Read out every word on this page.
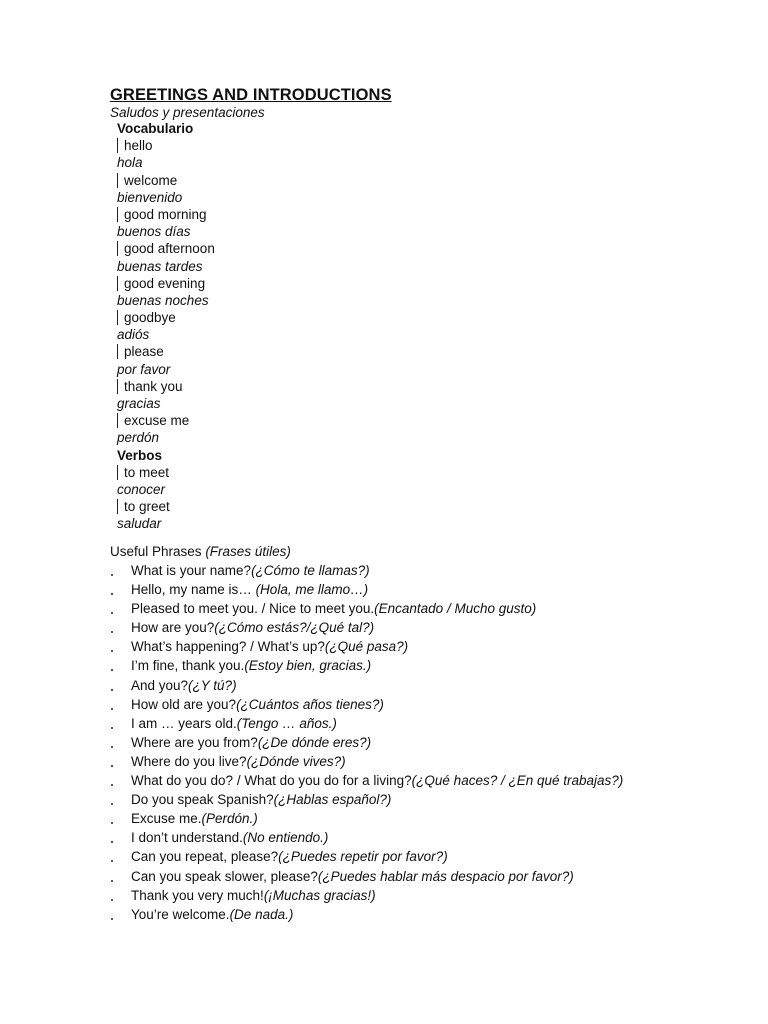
GREETINGS AND INTRODUCTIONS
Saludos y presentaciones
Vocabulario
hello
hola
welcome
bienvenido
good morning
buenos días
good afternoon
buenas tardes
good evening
buenas noches
goodbye
adiós
please
por favor
thank you
gracias
excuse me
perdón
Verbos
to meet
conocer
to greet
saludar
Useful Phrases (Frases útiles)
What is your name?(¿Cómo te llamas?)
Hello, my name is… (Hola, me llamo…)
Pleased to meet you. / Nice to meet you.(Encantado / Mucho gusto)
How are you?(¿Cómo estás?/¿Qué tal?)
What’s happening? / What’s up?(¿Qué pasa?)
I’m fine, thank you.(Estoy bien, gracias.)
And you?(¿Y tú?)
How old are you?(¿Cuántos años tienes?)
I am … years old.(Tengo … años.)
Where are you from?(¿De dónde eres?)
Where do you live?(¿Dónde vives?)
What do you do? / What do you do for a living?(¿Qué haces? / ¿En qué trabajas?)
Do you speak Spanish?(¿Hablas español?)
Excuse me.(Perdón.)
I don’t understand.(No entiendo.)
Can you repeat, please?(¿Puedes repetir por favor?)
Can you speak slower, please?(¿Puedes hablar más despacio por favor?)
Thank you very much!(¡Muchas gracias!)
You’re welcome.(De nada.)
